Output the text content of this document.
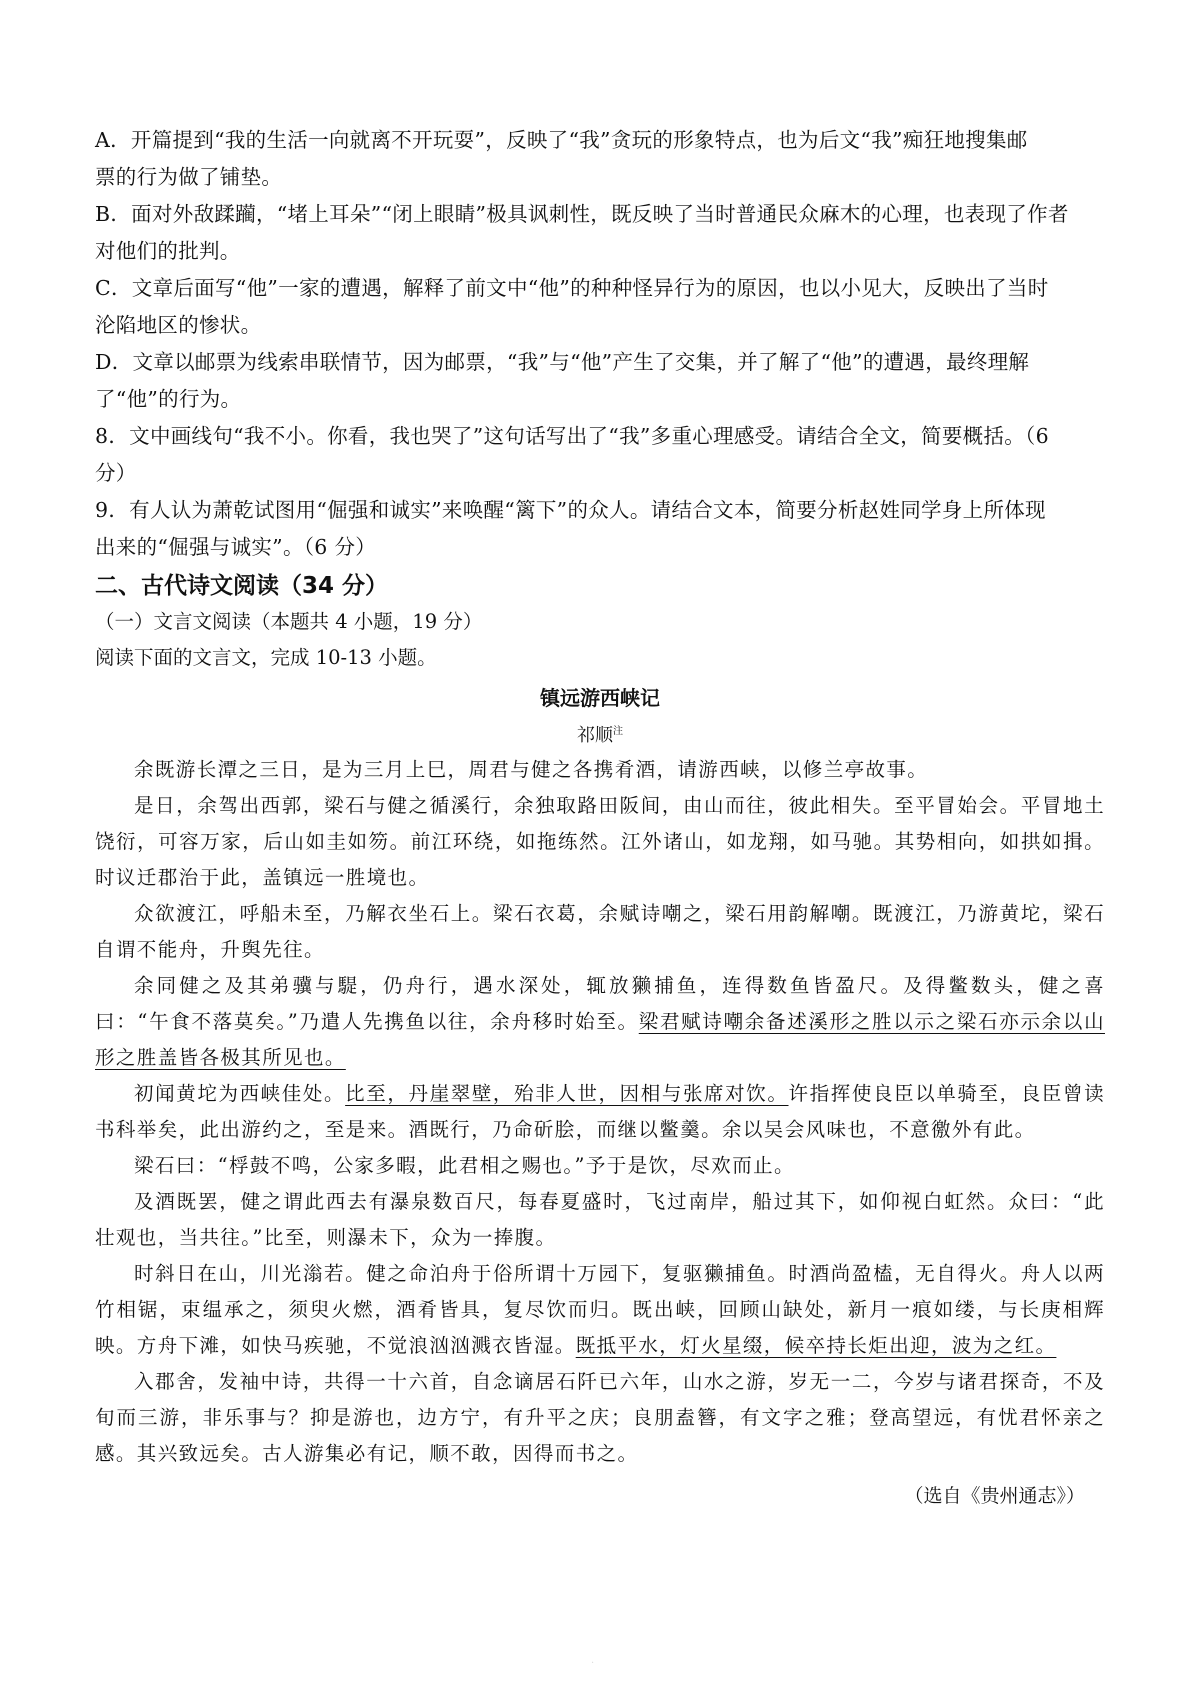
A．开篇提到“我的生活一向就离不开玩耍”，反映了“我”贪玩的形象特点，也为后文“我”痴狂地搜集邮

票的行为做了铺垫。

B．面对外敌蹂躏，“堵上耳朵”“闭上眼睛”极具讽刺性，既反映了当时普通民众麻木的心理，也表现了作者

对他们的批判。

C．文章后面写“他”一家的遭遇，解释了前文中“他”的种种怪异行为的原因，也以小见大，反映出了当时

沦陷地区的惨状。

D．文章以邮票为线索串联情节，因为邮票，“我”与“他”产生了交集，并了解了“他”的遭遇，最终理解

了“他”的行为。

8．文中画线句“我不小。你看，我也哭了”这句话写出了“我”多重心理感受。请结合全文，简要概括。（6

分）

9．有人认为萧乾试图用“倔强和诚实”来唤醒“篱下”的众人。请结合文本，简要分析赵姓同学身上所体现

出来的“倔强与诚实”。（6 分）

二、古代诗文阅读（34 分）

（一）文言文阅读（本题共 4 小题，19 分）

阅读下面的文言文，完成 10-13 小题。

镇远游西峡记

祁顺$^注$

余既游长潭之三日，是为三月上巳，周君与健之各携肴酒，请游西峡，以修兰亭故事。

是日，余驾出西郭，梁石与健之循溪行，余独取路田阪间，由山而往，彼此相失。至平冒始会。平冒地土饶衍，可容万家，后山如圭如笏。前江环绕，如拖练然。江外诸山，如龙翔，如马驰。其势相向，如拱如揖。时议迁郡治于此，盖镇远一胜境也。

众欲渡江，呼船未至，乃解衣坐石上。梁石衣葛，余赋诗嘲之，梁石用韵解嘲。既渡江，乃游黄坨，梁石自谓不能舟，升舆先往。

余同健之及其弟骥与騠，仍舟行，遇水深处，辄放獭捕鱼，连得数鱼皆盈尺。及得鳖数头，健之喜曰：“午食不落莫矣。”乃遣人先携鱼以往，余舟移时始至。梁君赋诗嘲余备述溪形之胜以示之梁石亦示余以山形之胜盖皆各极其所见也。

初闻黄坨为西峡佳处。比至，丹崖翠壁，殆非人世，因相与张席对饮。许指挥使良臣以单骑至，良臣曾读书科举矣，此出游约之，至是来。酒既行，乃命斫脍，而继以鳖羹。余以吴会风味也，不意徼外有此。

梁石曰：“桴鼓不鸣，公家多暇，此君相之赐也。”予于是饮，尽欢而止。

及酒既罢，健之谓此西去有瀑泉数百尺，每春夏盛时，飞过南岸，船过其下，如仰视白虹然。众曰：“此壮观也，当共往。”比至，则瀑未下，众为一捧腹。

时斜日在山，川光滃若。健之命泊舟于俗所谓十万园下，复驱獭捕鱼。时酒尚盈榼，无自得火。舟人以两竹相锯，束缊承之，须臾火燃，酒肴皆具，复尽饮而归。既出峡，回顾山缺处，新月一痕如缕，与长庚相辉映。方舟下滩，如快马疾驰，不觉浪汹汹溅衣皆湿。既抵平水，灯火星缀，候卒持长炬出迎，波为之红。

入郡舍，发袖中诗，共得一十六首，自念谪居石阡已六年，山水之游，岁无一二，今岁与诸君探奇，不及旬而三游，非乐事与？抑是游也，边方宁，有升平之庆；良朋盍簪，有文字之雅；登高望远，有忧君怀亲之感。其兴致远矣。古人游集必有记，顺不敢，因得而书之。

（选自《贵州通志》）

·
